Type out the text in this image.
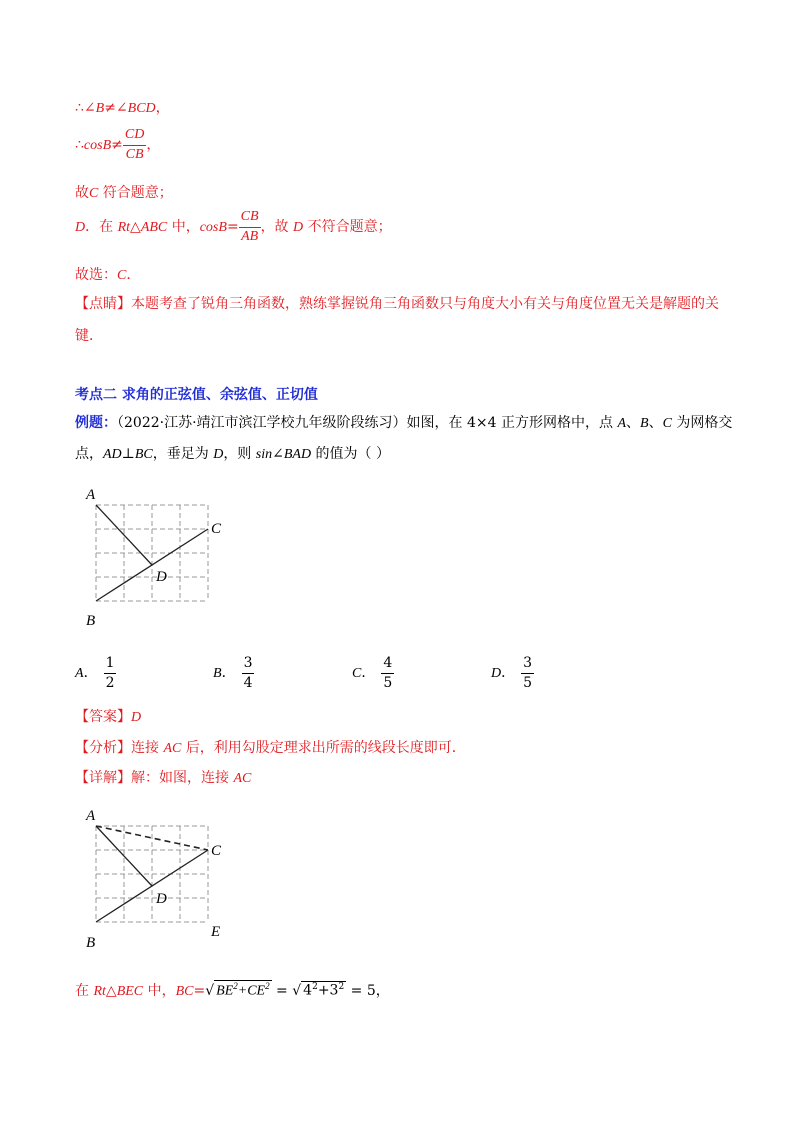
∴∠B≠∠BCD，
∴cosB≠ $\frac{CD}{CB}$ ，
故C 符合题意；
D．在 Rt△ABC 中，$\cos B= \frac{CB}{AB}$ ，故 D 不符合题意；
故选：C．
【点睛】本题考查了锐角三角函数，熟练掌握锐角三角函数只与角度大小有关与角度位置无关是解题的关
键．
考点二 求角的正弦值、余弦值、正切值
例题：（2022·江苏·靖江市滨江学校九年级阶段练习）如图，在 4×4 正方形网格中，点 A、B、C 为网格交
点，AD⊥BC，垂足为 D，则 sin∠BAD 的值为（ ）
A
C
D
B
A． $\frac{1}{2}$	B． $\frac{3}{4}$	C． $\frac{4}{5}$	D． $\frac{3}{5}$
【答案】D
【分析】连接 AC 后，利用勾股定理求出所需的线段长度即可．
【详解】解：如图，连接 AC
A
C
D
B
E
在 Rt△BEC 中，BC=√ $BE^2+CE^2$ = √ $4^2+3^2 = 5$，
